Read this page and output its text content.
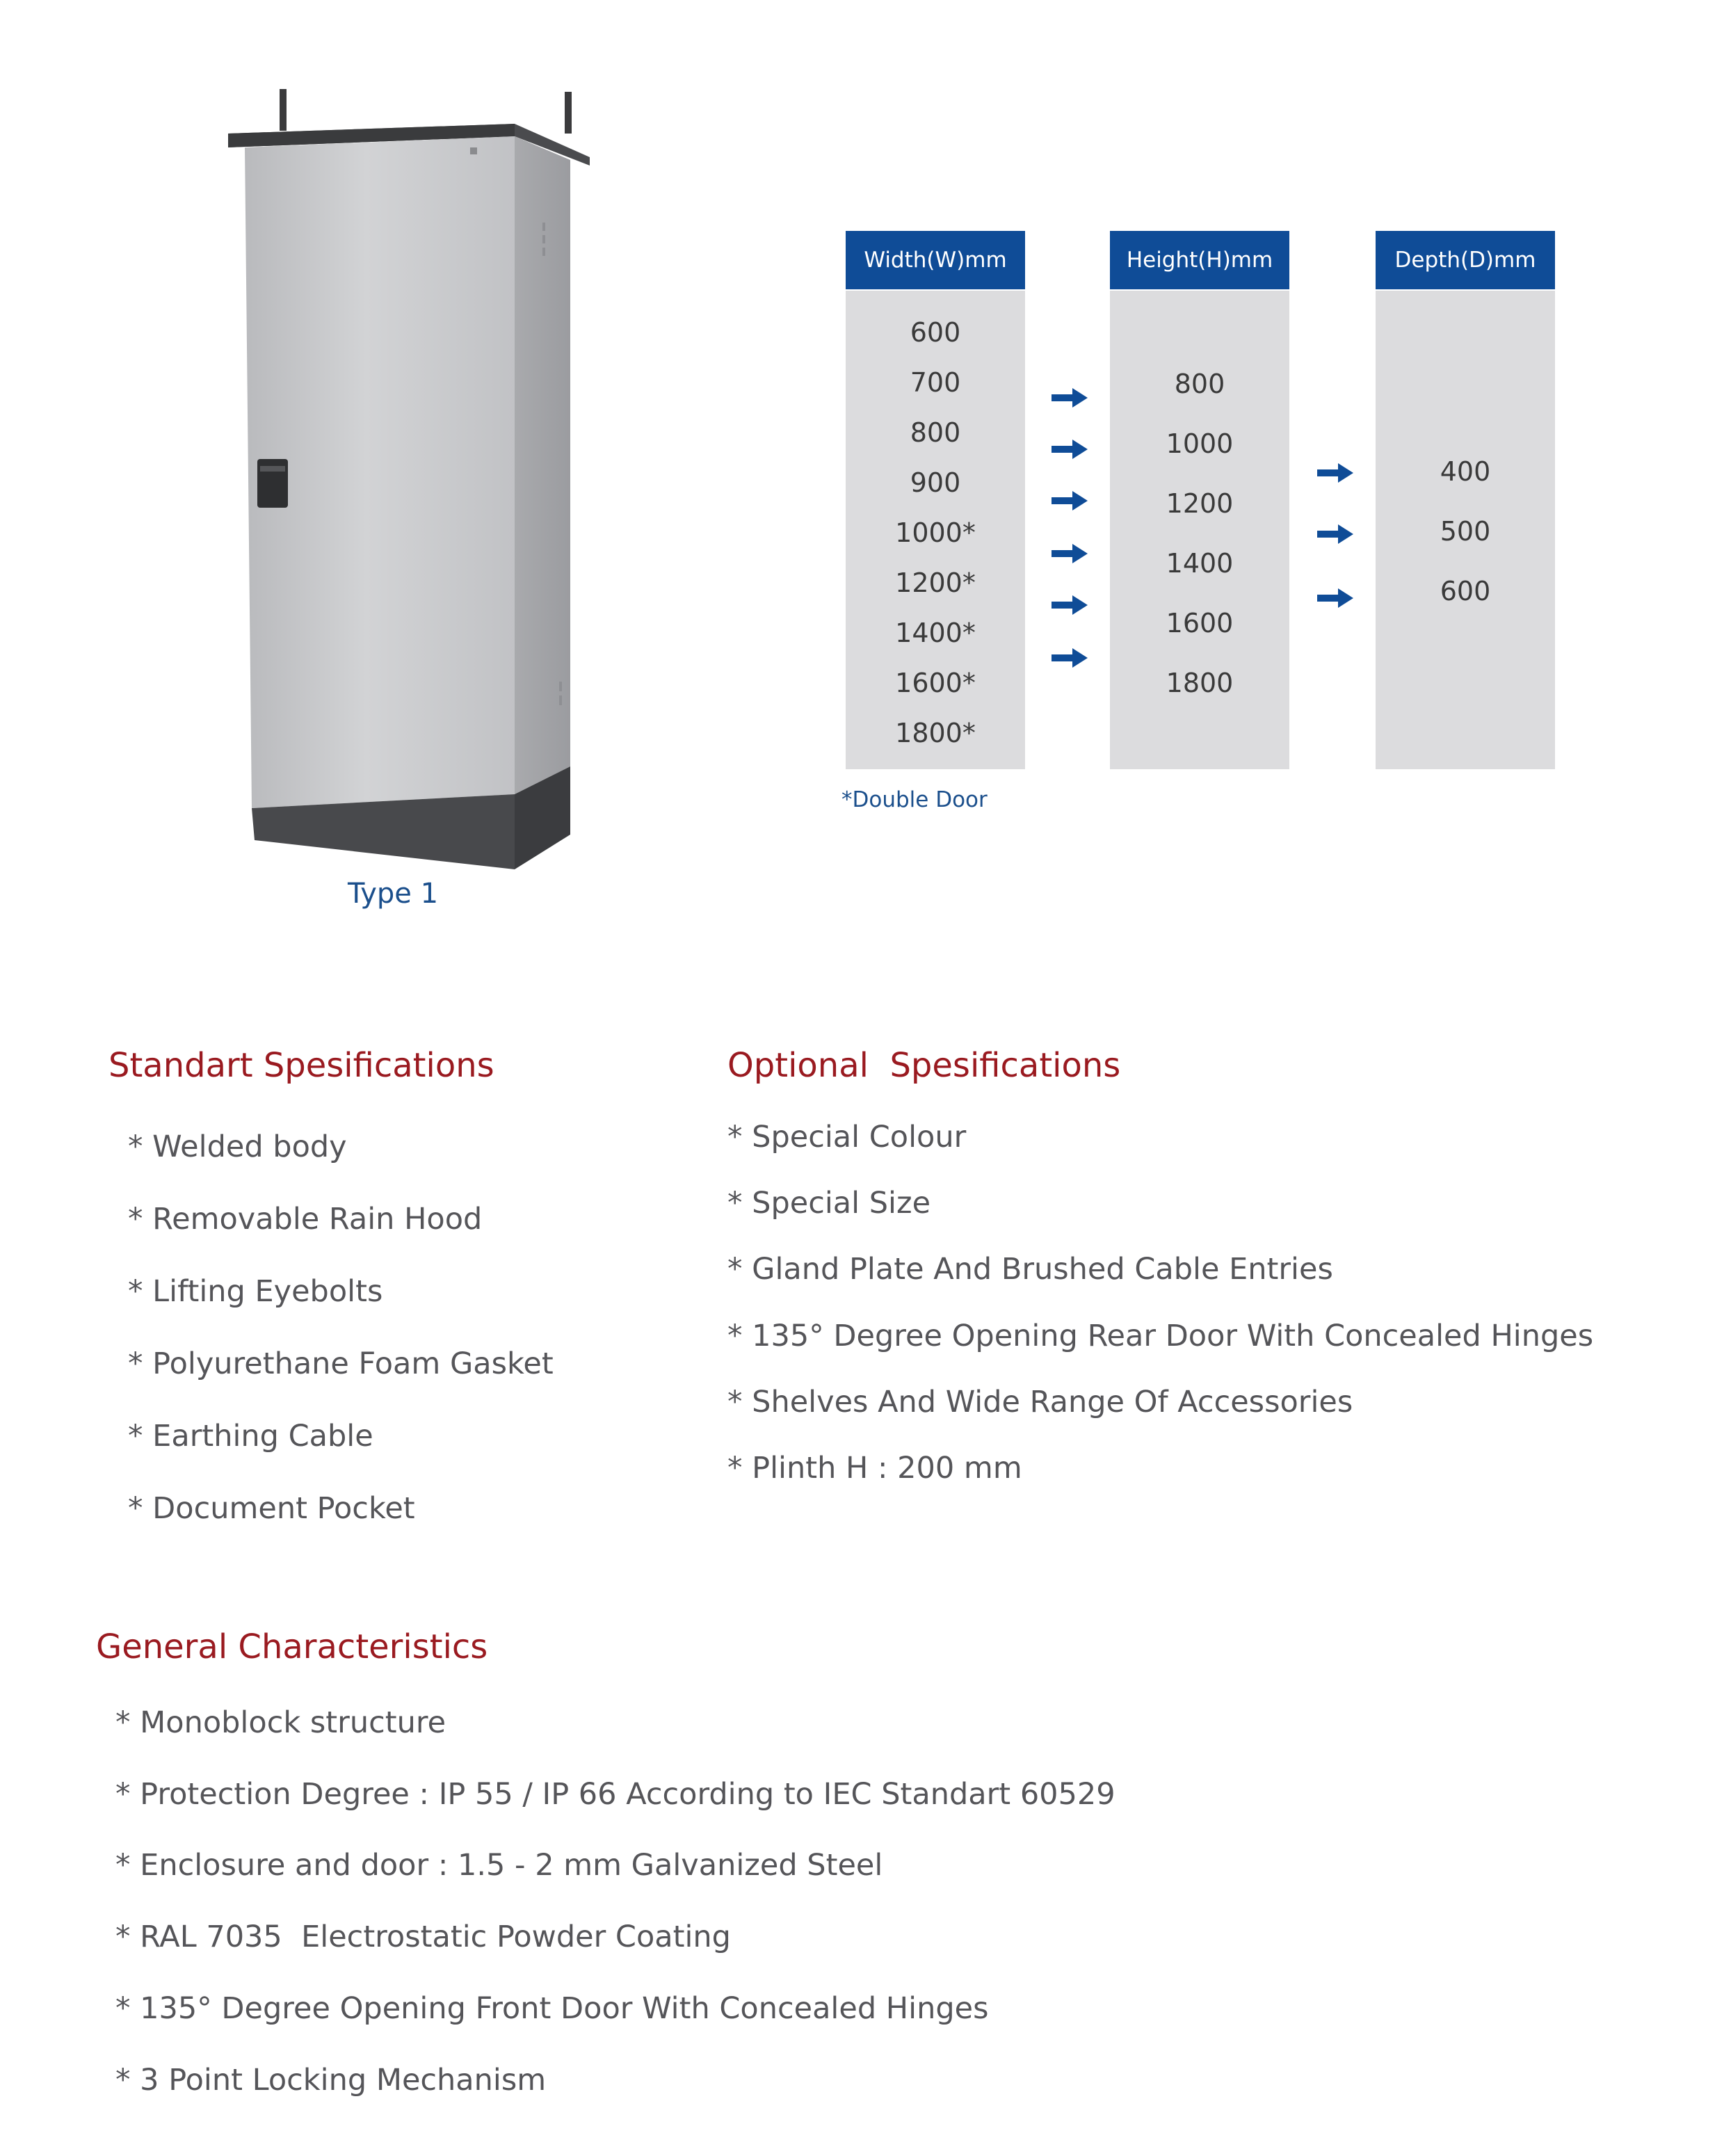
Type 1
Width(W)mm	Height(H)mm	Depth(D)mm
600
700
800
900
1000*
1200*
1400*
1600*
1800*
800
1000
1200
1400
1600
1800
400
500
600
*Double Door
Standart Spesifications
* Welded body
* Removable Rain Hood
* Lifting Eyebolts
* Polyurethane Foam Gasket
* Earthing Cable
* Document Pocket
Optional  Spesifications
* Special Colour
* Special Size
* Gland Plate And Brushed Cable Entries
* 135° Degree Opening Rear Door With Concealed Hinges
* Shelves And Wide Range Of Accessories
* Plinth H : 200 mm
General Characteristics
* Monoblock structure
* Protection Degree : IP 55 / IP 66 According to IEC Standart 60529
* Enclosure and door : 1.5 - 2 mm Galvanized Steel
* RAL 7035  Electrostatic Powder Coating
* 135° Degree Opening Front Door With Concealed Hinges
* 3 Point Locking Mechanism
